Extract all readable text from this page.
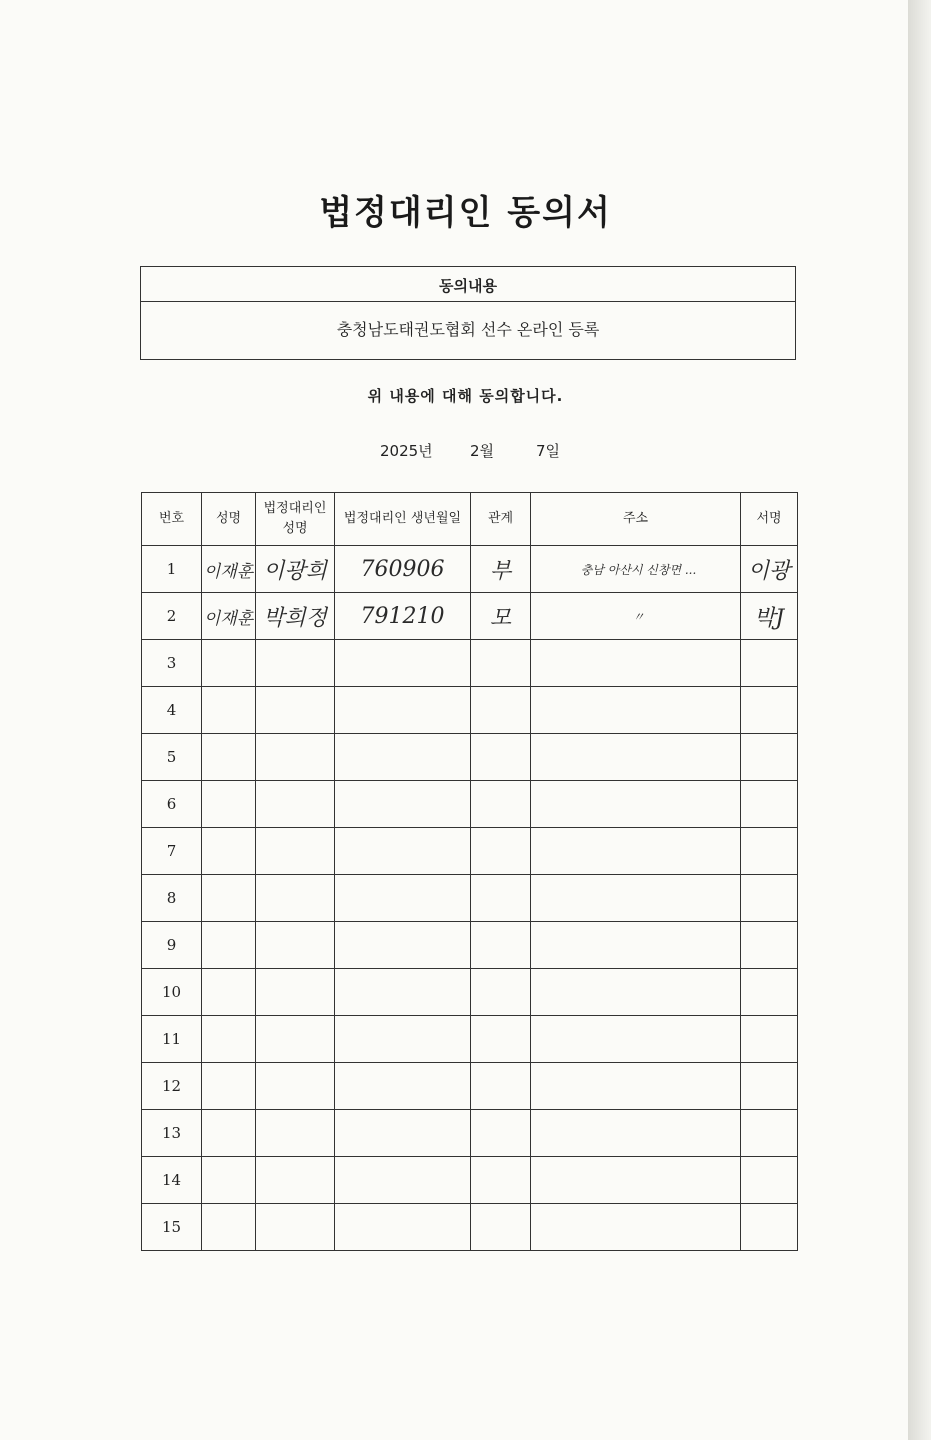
법정대리인 동의서
동의내용
충청남도태권도협회 선수 온라인 등록
위 내용에 대해 동의합니다.
2025년 2월	7일
번호	성명	법정대리인 성명	법정대리인 생년월일	관계	주소	서명
1	이재훈	이광희	760906	부	충남 아산시 신창면 ...	이광
2	이재훈	박희정	791210	모	〃	박J
3						
4						
5						
6						
7						
8						
9						
10						
11						
12						
13						
14						
15						
